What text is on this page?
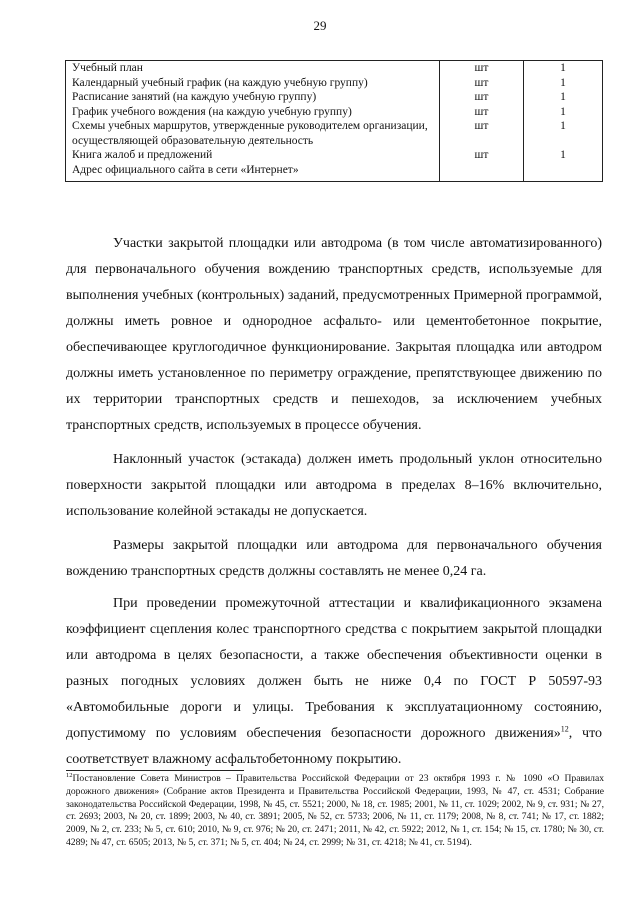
29
Учебный план	шт	1
Календарный учебный график (на каждую учебную группу)	шт	1
Расписание занятий (на каждую учебную группу)	шт	1
График учебного вождения (на каждую учебную группу)	шт	1
Схемы учебных маршрутов, утвержденные руководителем организации, осуществляющей образовательную деятельность	шт	1
Книга жалоб и предложений	шт	1
Адрес официального сайта в сети «Интернет»		

Участки закрытой площадки или автодрома (в том числе автоматизированного) для первоначального обучения вождению транспортных средств, используемые для выполнения учебных (контрольных) заданий, предусмотренных Примерной программой, должны иметь ровное и однородное асфальто- или цементобетонное покрытие, обеспечивающее круглогодичное функционирование. Закрытая площадка или автодром должны иметь установленное по периметру ограждение, препятствующее движению по их территории транспортных средств и пешеходов, за исключением учебных транспортных средств, используемых в процессе обучения.

Наклонный участок (эстакада) должен иметь продольный уклон относительно поверхности закрытой площадки или автодрома в пределах 8–16% включительно, использование колейной эстакады не допускается.

Размеры закрытой площадки или автодрома для первоначального обучения вождению транспортных средств должны составлять не менее 0,24 га.

При проведении промежуточной аттестации и квалификационного экзамена коэффициент сцепления колес транспортного средства с покрытием закрытой площадки или автодрома в целях безопасности, а также обеспечения объективности оценки в разных погодных условиях должен быть не ниже 0,4 по ГОСТ Р 50597-93 «Автомобильные дороги и улицы. Требования к эксплуатационному состоянию, допустимому по условиям обеспечения безопасности дорожного движения»$^{12}$, что соответствует влажному асфальтобетонному покрытию.

$^{12}$Постановление Совета Министров – Правительства Российской Федерации от 23 октября 1993 г. № 1090 «О Правилах дорожного движения» (Собрание актов Президента и Правительства Российской Федерации, 1993, № 47, ст. 4531; Собрание законодательства Российской Федерации, 1998, № 45, ст. 5521; 2000, № 18, ст. 1985; 2001, № 11, ст. 1029; 2002, № 9, ст. 931; № 27, ст. 2693; 2003, № 20, ст. 1899; 2003, № 40, ст. 3891; 2005, № 52, ст. 5733; 2006, № 11, ст. 1179; 2008, № 8, ст. 741; № 17, ст. 1882; 2009, № 2, ст. 233; № 5, ст. 610; 2010, № 9, ст. 976; № 20, ст. 2471; 2011, № 42, ст. 5922; 2012, № 1, ст. 154; № 15, ст. 1780; № 30, ст. 4289; № 47, ст. 6505; 2013, № 5, ст. 371; № 5, ст. 404; № 24, ст. 2999; № 31, ст. 4218; № 41, ст. 5194).
